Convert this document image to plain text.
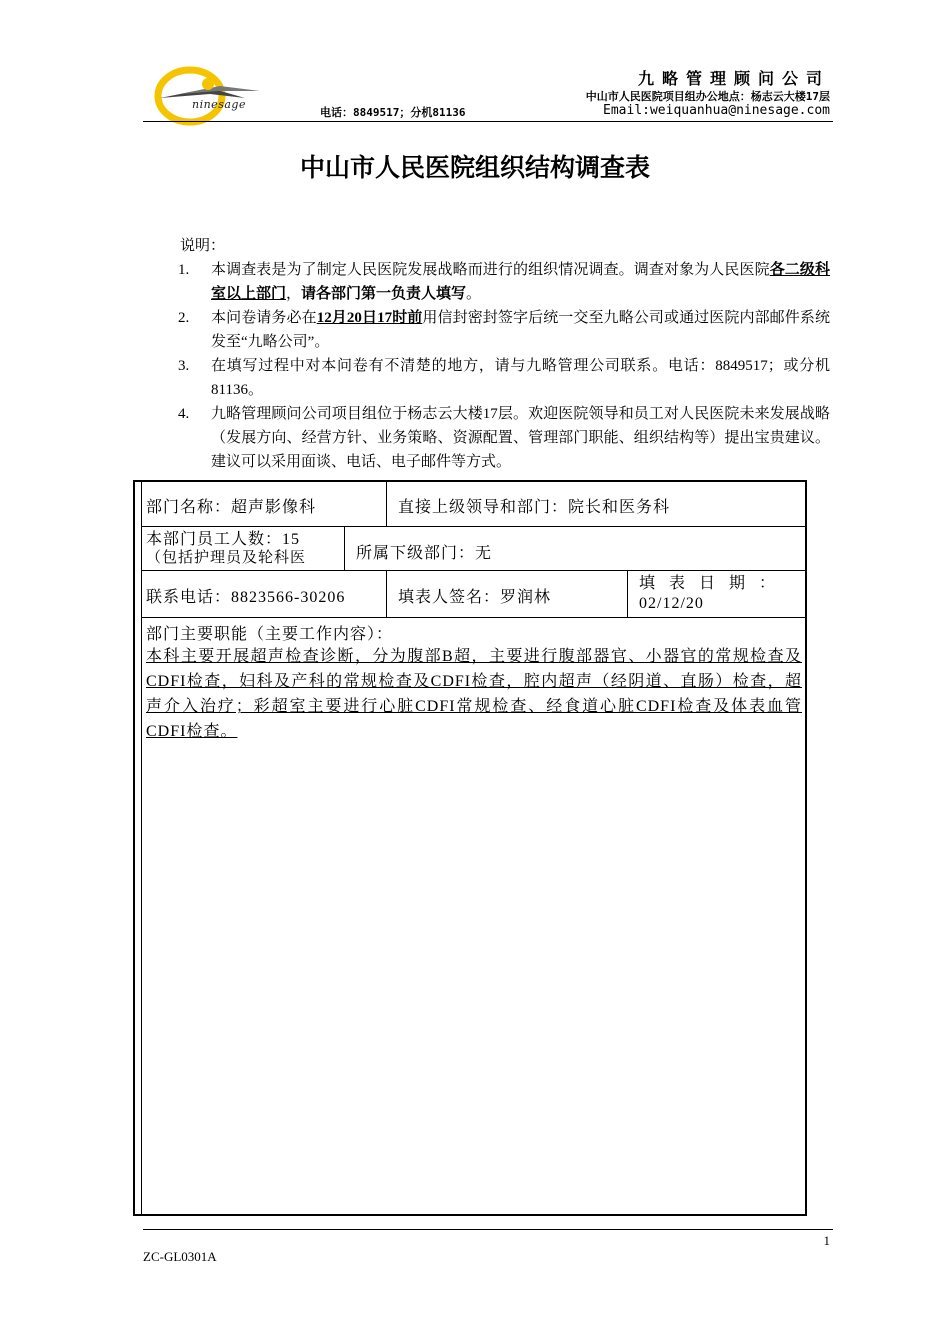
ninesage
九略管理顾问公司
中山市人民医院项目组办公地点：杨志云大楼17层
电话：8849517；分机81136	Email:weiquanhua@ninesage.com
中山市人民医院组织结构调查表
说明：
1. 本调查表是为了制定人民医院发展战略而进行的组织情况调查。调查对象为人民医院各二级科室以上部门，请各部门第一负责人填写。
2. 本问卷请务必在12月20日17时前用信封密封签字后统一交至九略公司或通过医院内部邮件系统发至“九略公司”。
3. 在填写过程中对本问卷有不清楚的地方，请与九略管理公司联系。电话：8849517；或分机81136。
4. 九略管理顾问公司项目组位于杨志云大楼17层。欢迎医院领导和员工对人民医院未来发展战略（发展方向、经营方针、业务策略、资源配置、管理部门职能、组织结构等）提出宝贵建议。建议可以采用面谈、电话、电子邮件等方式。
部门名称：超声影像科	直接上级领导和部门：院长和医务科
本部门员工人数：15
（包括护理员及轮科医	所属下级部门：无
联系电话：8823566-30206	填表人签名：罗润林
填表日期：
02/12/20
部门主要职能（主要工作内容）：
本科主要开展超声检查诊断，分为腹部B超，主要进行腹部器官、小器官的常规检查及CDFI检查，妇科及产科的常规检查及CDFI检查，腔内超声（经阴道、直肠）检查，超声介入治疗；彩超室主要进行心脏CDFI常规检查、经食道心脏CDFI检查及体表血管CDFI检查。
1
ZC-GL0301A
